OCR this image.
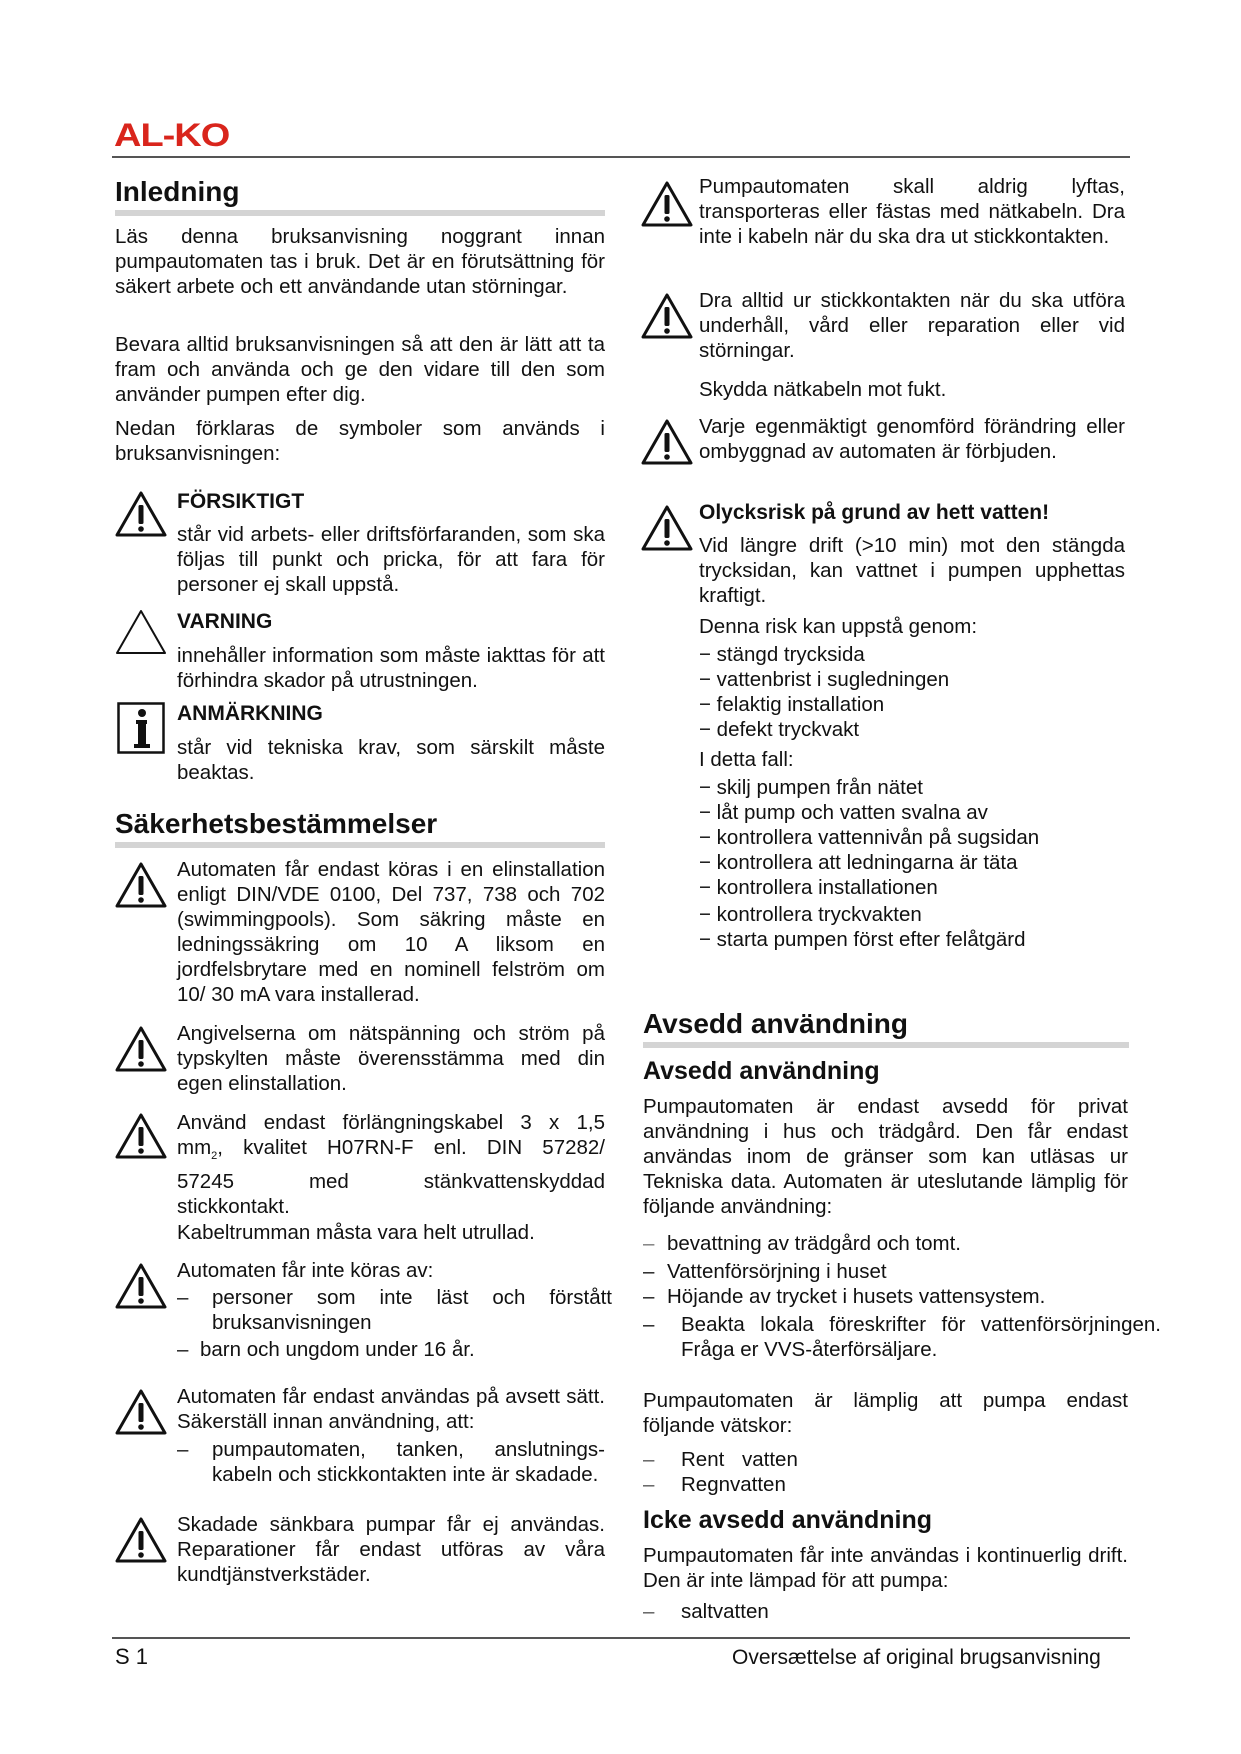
AL-KO
Inledning
Läs denna bruksanvisning noggrant innan pumpautomaten tas i bruk. Det är en förutsättning för säkert arbete och ett användande utan störningar.
Bevara alltid bruksanvisningen så att den är lätt att ta fram och använda och ge den vidare till den som använder pumpen efter dig.
Nedan förklaras de symboler som används i bruksanvisningen:
FÖRSIKTIGT
står vid arbets- eller driftsförfaranden, som ska följas till punkt och pricka, för att fara för personer ej skall uppstå.
VARNING
innehåller information som måste iakttas för att förhindra skador på utrustningen.
ANMÄRKNING
står vid tekniska krav, som särskilt måste beaktas.
Säkerhetsbestämmelser
Automaten får endast köras i en elinstallation enligt DIN/VDE 0100, Del 737, 738 och 702 (swimmingpools). Som säkring måste en ledningssäkring om 10 A liksom en jordfelsbrytare med en nominell felström om 10/ 30 mA vara installerad.
Angivelserna om nätspänning och ström på typskylten måste överensstämma med din egen elinstallation.
Använd endast förlängningskabel 3 x 1,5
$mm_2$, kvalitet H07RN-F enl. DIN 57282/
57245 med stänkvattenskyddad
stickkontakt.
Kabeltrumman måsta vara helt utrullad.
Automaten får inte köras av:
– personer som inte läst och förstått bruksanvisningen
– barn och ungdom under 16 år.
Automaten får endast användas på avsett sätt. Säkerställ innan användning, att:
– pumpautomaten, tanken, anslutnings-kabeln och stickkontakten inte är skadade.
Skadade sänkbara pumpar får ej användas. Reparationer får endast utföras av våra kundtjänstverkstäder.
Pumpautomaten skall aldrig lyftas, transporteras eller fästas med nätkabeln. Dra inte i kabeln när du ska dra ut stickkontakten.
Dra alltid ur stickkontakten när du ska utföra underhåll, vård eller reparation eller vid störningar.
Skydda nätkabeln mot fukt.
Varje egenmäktigt genomförd förändring eller ombyggnad av automaten är förbjuden.
Olycksrisk på grund av hett vatten!
Vid längre drift (>10 min) mot den stängda trycksidan, kan vattnet i pumpen upphettas kraftigt.
Denna risk kan uppstå genom:
− stängd trycksida
− vattenbrist i sugledningen
− felaktig installation
− defekt tryckvakt
I detta fall:
− skilj pumpen från nätet
− låt pump och vatten svalna av
− kontrollera vattennivån på sugsidan
− kontrollera att ledningarna är täta
− kontrollera installationen
− kontrollera tryckvakten
− starta pumpen först efter felåtgärd
Avsedd användning
Avsedd användning
Pumpautomaten är endast avsedd för privat användning i hus och trädgård. Den får endast användas inom de gränser som kan utläsas ur Tekniska data. Automaten är uteslutande lämplig för följande användning:
– bevattning av trädgård och tomt.
– Vattenförsörjning i huset
– Höjande av trycket i husets vattensystem.
– Beakta lokala föreskrifter för vattenförsörjningen. Fråga er VVS-återförsäljare.
Pumpautomaten är lämplig att pumpa endast följande vätskor:
– Rent vatten
– Regnvatten
Icke avsedd användning
Pumpautomaten får inte användas i kontinuerlig drift. Den är inte lämpad för att pumpa:
– saltvatten
S 1	Oversættelse af original brugsanvisning
